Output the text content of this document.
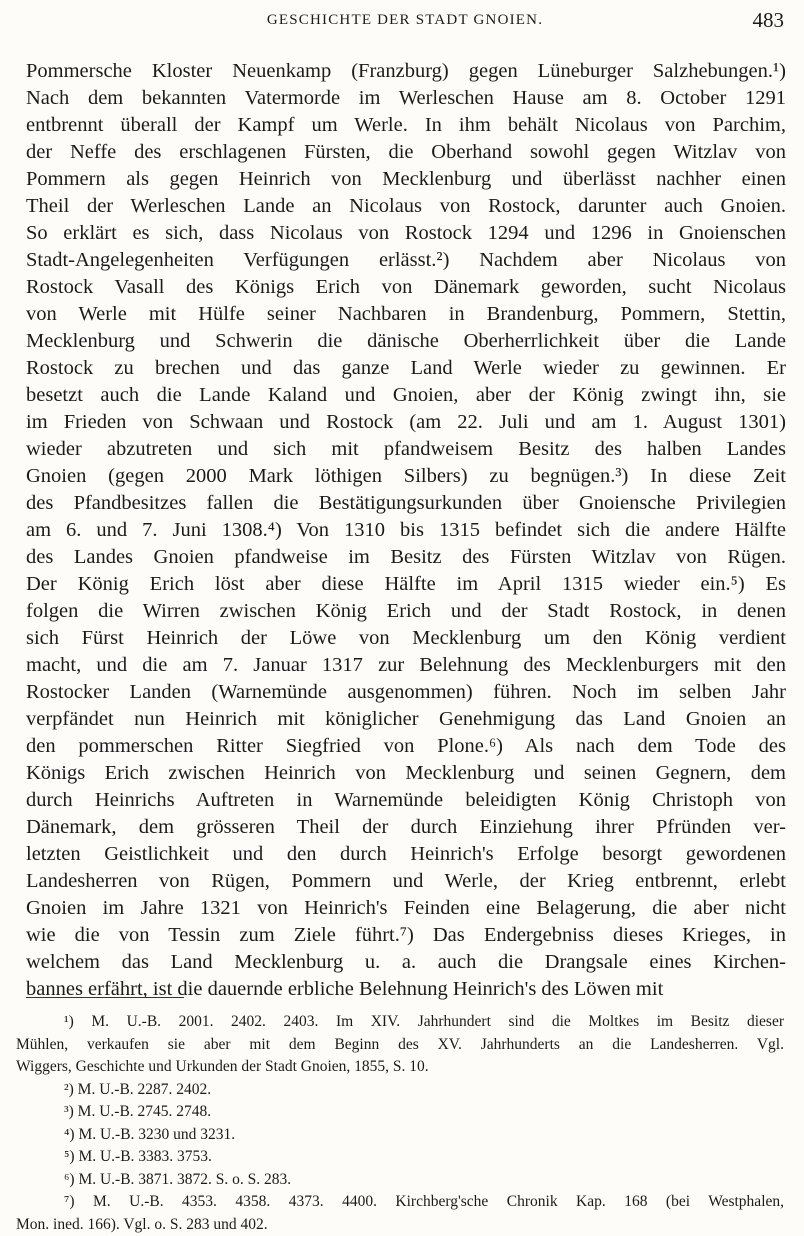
GESCHICHTE DER STADT GNOIEN.	483
Pommersche Kloster Neuenkamp (Franzburg) gegen Lüneburger Salzhebungen.¹)
Nach dem bekannten Vatermorde im Werleschen Hause am 8. October 1291
entbrennt überall der Kampf um Werle. In ihm behält Nicolaus von Parchim,
der Neffe des erschlagenen Fürsten, die Oberhand sowohl gegen Witzlav von
Pommern als gegen Heinrich von Mecklenburg und überlässt nachher einen
Theil der Werleschen Lande an Nicolaus von Rostock, darunter auch Gnoien.
So erklärt es sich, dass Nicolaus von Rostock 1294 und 1296 in Gnoienschen
Stadt-Angelegenheiten Verfügungen erlässt.²) Nachdem aber Nicolaus von
Rostock Vasall des Königs Erich von Dänemark geworden, sucht Nicolaus
von Werle mit Hülfe seiner Nachbaren in Brandenburg, Pommern, Stettin,
Mecklenburg und Schwerin die dänische Oberherrlichkeit über die Lande
Rostock zu brechen und das ganze Land Werle wieder zu gewinnen. Er
besetzt auch die Lande Kaland und Gnoien, aber der König zwingt ihn, sie
im Frieden von Schwaan und Rostock (am 22. Juli und am 1. August 1301)
wieder abzutreten und sich mit pfandweisem Besitz des halben Landes
Gnoien (gegen 2000 Mark löthigen Silbers) zu begnügen.³) In diese Zeit
des Pfandbesitzes fallen die Bestätigungsurkunden über Gnoiensche Privilegien
am 6. und 7. Juni 1308.⁴) Von 1310 bis 1315 befindet sich die andere Hälfte
des Landes Gnoien pfandweise im Besitz des Fürsten Witzlav von Rügen.
Der König Erich löst aber diese Hälfte im April 1315 wieder ein.⁵) Es
folgen die Wirren zwischen König Erich und der Stadt Rostock, in denen
sich Fürst Heinrich der Löwe von Mecklenburg um den König verdient
macht, und die am 7. Januar 1317 zur Belehnung des Mecklenburgers mit den
Rostocker Landen (Warnemünde ausgenommen) führen. Noch im selben Jahr
verpfändet nun Heinrich mit königlicher Genehmigung das Land Gnoien an
den pommerschen Ritter Siegfried von Plone.⁶) Als nach dem Tode des
Königs Erich zwischen Heinrich von Mecklenburg und seinen Gegnern, dem
durch Heinrichs Auftreten in Warnemünde beleidigten König Christoph von
Dänemark, dem grösseren Theil der durch Einziehung ihrer Pfründen ver-
letzten Geistlichkeit und den durch Heinrich's Erfolge besorgt gewordenen
Landesherren von Rügen, Pommern und Werle, der Krieg entbrennt, erlebt
Gnoien im Jahre 1321 von Heinrich's Feinden eine Belagerung, die aber nicht
wie die von Tessin zum Ziele führt.⁷) Das Endergebniss dieses Krieges, in
welchem das Land Mecklenburg u. a. auch die Drangsale eines Kirchen-
bannes erfährt, ist die dauernde erbliche Belehnung Heinrich's des Löwen mit
¹) M. U.-B. 2001. 2402. 2403. Im XIV. Jahrhundert sind die Moltkes im Besitz dieser
Mühlen, verkaufen sie aber mit dem Beginn des XV. Jahrhunderts an die Landesherren. Vgl.
Wiggers, Geschichte und Urkunden der Stadt Gnoien, 1855, S. 10.
²) M. U.-B. 2287. 2402.
³) M. U.-B. 2745. 2748.
⁴) M. U.-B. 3230 und 3231.
⁵) M. U.-B. 3383. 3753.
⁶) M. U.-B. 3871. 3872. S. o. S. 283.
⁷) M. U.-B. 4353. 4358. 4373. 4400. Kirchberg'sche Chronik Kap. 168 (bei Westphalen,
Mon. ined. 166). Vgl. o. S. 283 und 402.
